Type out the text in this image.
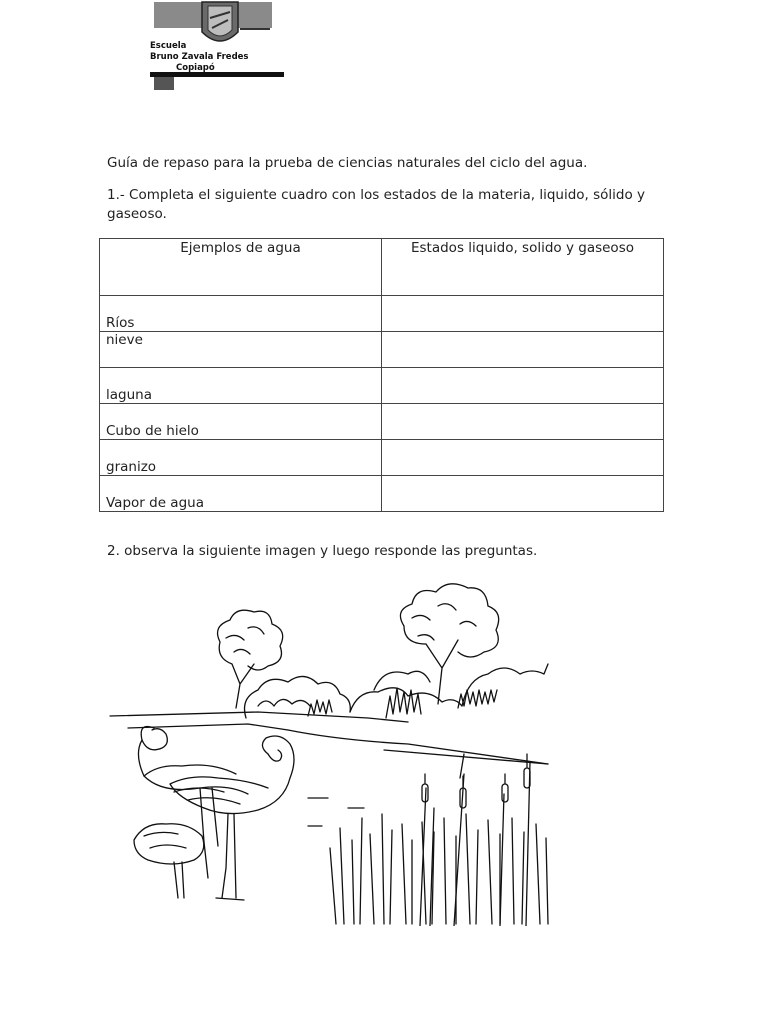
Escuela
Bruno Zavala Fredes
Copiapó

Guía de repaso para la prueba de ciencias naturales del ciclo del agua.

1.- Completa el siguiente cuadro con los estados de la materia, liquido, sólido y

gaseoso.

Ejemplos de agua	Estados liquido, solido y gaseoso
Ríos	
nieve	
laguna	
Cubo de hielo	
granizo	
Vapor de agua	

2. observa la siguiente imagen y luego responde las preguntas.
